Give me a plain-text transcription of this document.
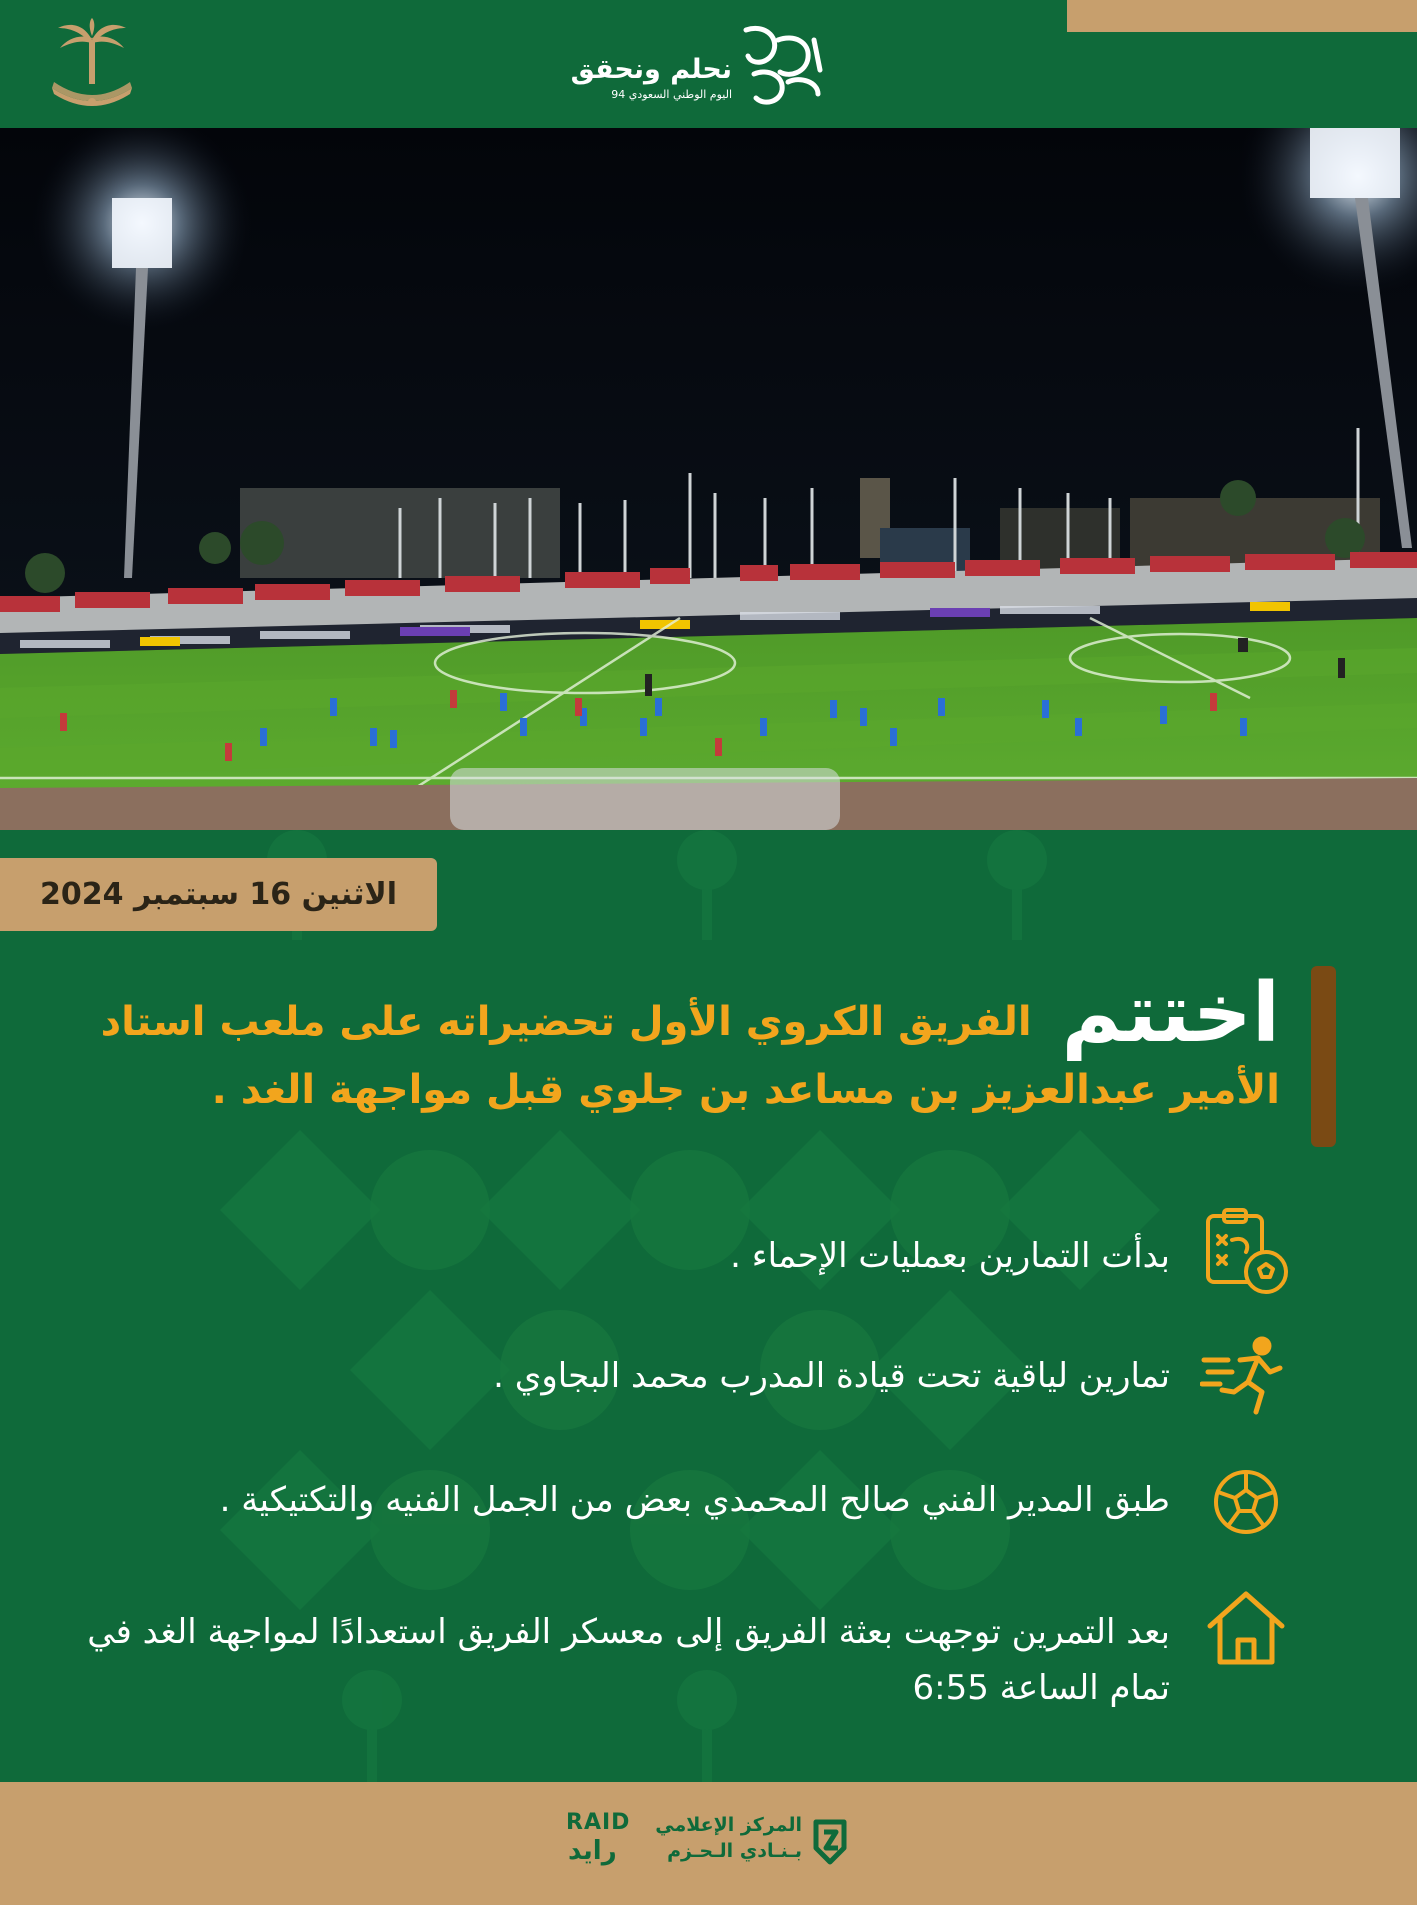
نحلم ونحقق
اليوم الوطني السعودي 94
الاثنين 16 سبتمبر 2024
اختتم الفريق الكروي الأول تحضيراته على ملعب استاد الأمير عبدالعزيز بن مساعد بن جلوي قبل مواجهة الغد .
بدأت التمارين بعمليات الإحماء .
تمارين لياقية تحت قيادة المدرب محمد البجاوي .
طبق المدير الفني صالح المحمدي بعض من الجمل الفنيه والتكتيكية .
بعد التمرين توجهت بعثة الفريق إلى معسكر الفريق استعدادًا لمواجهة الغد في تمام الساعة 6:55
RAID
رايد
المركز الإعلامي
بـنـادي الـحـزم
